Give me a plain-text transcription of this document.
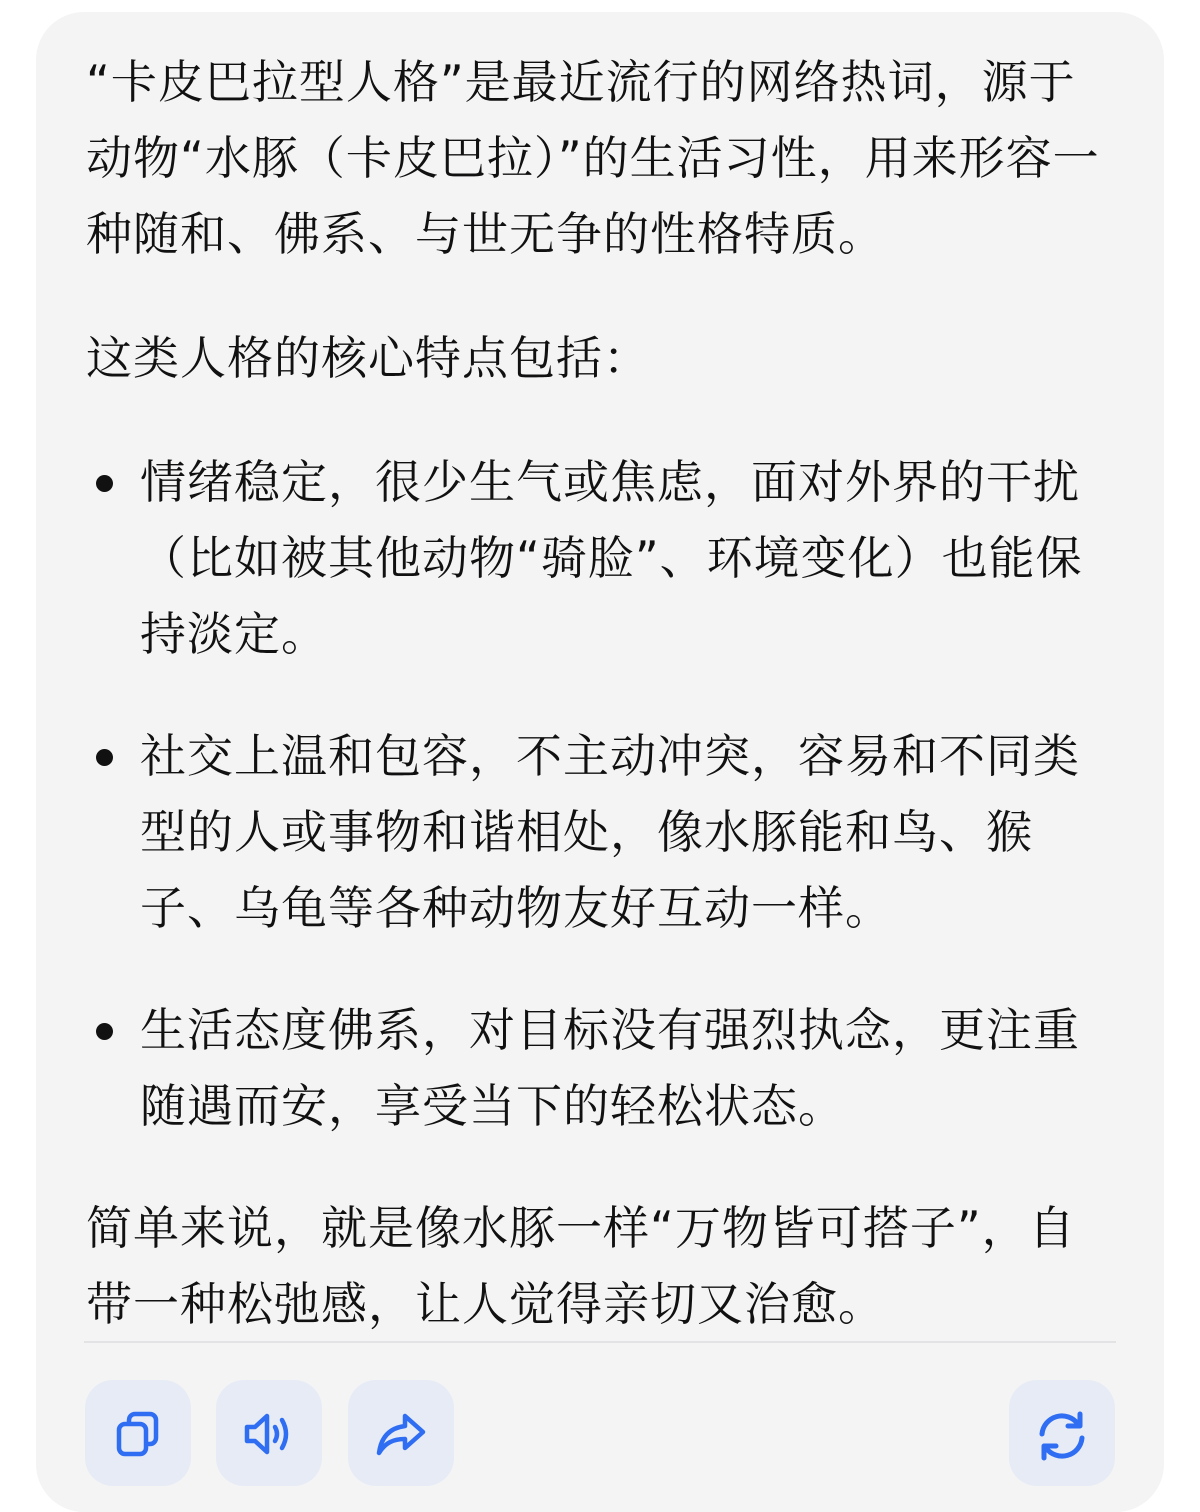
“卡皮巴拉型人格”是最近流行的网络热词，源于动物“水豚（卡皮巴拉）”的生活习性，用来形容一种随和、佛系、与世无争的性格特质。

这类人格的核心特点包括：

情绪稳定，很少生气或焦虑，面对外界的干扰（比如被其他动物“骑脸”、环境变化）也能保持淡定。
社交上温和包容，不主动冲突，容易和不同类型的人或事物和谐相处，像水豚能和鸟、猴子、乌龟等各种动物友好互动一样。
生活态度佛系，对目标没有强烈执念，更注重随遇而安，享受当下的轻松状态。

简单来说，就是像水豚一样“万物皆可搭子”，自带一种松弛感，让人觉得亲切又治愈。
